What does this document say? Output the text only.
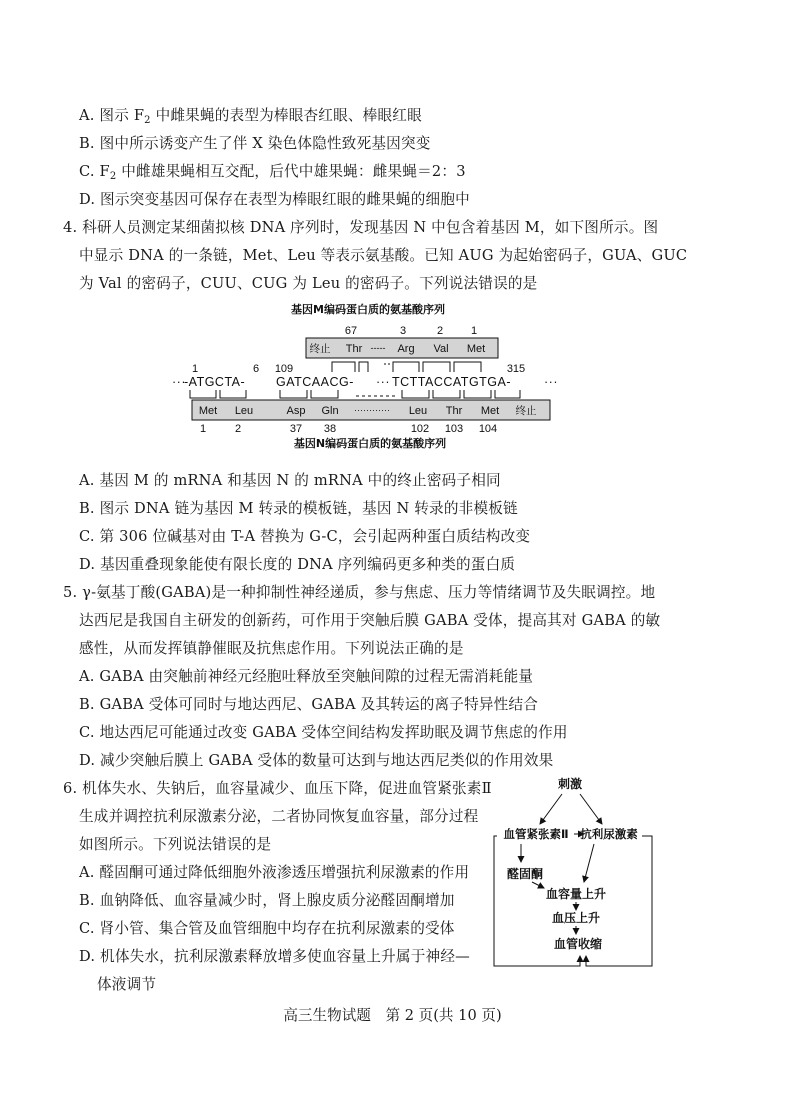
A. 图示 $F_2$ 中雌果蝇的表型为棒眼杏红眼、棒眼红眼
B. 图中所示诱变产生了伴 X 染色体隐性致死基因突变
C. $F_2$ 中雌雄果蝇相互交配，后代中雄果蝇：雌果蝇＝2：3
D. 图示突变基因可保存在表型为棒眼红眼的雌果蝇的细胞中
4. 科研人员测定某细菌拟核 DNA 序列时，发现基因 N 中包含着基因 M，如下图所示。图
中显示 DNA 的一条链，Met、Leu 等表示氨基酸。已知 AUG 为起始密码子，GUA、GUC
为 Val 的密码子，CUU、CUG 为 Leu 的密码子。下列说法错误的是
基因M编码蛋白质的氨基酸序列
67	3	2	1
终止 Thr ----- Arg Val Met
1	6 109	315
···
-ATGCTA- GATCAACG- ··· TCTTACCATGTGA-	···
Met Leu	Asp Gln ············ Leu Thr Met 终止
1	2	37 38	102 103 104
基因N编码蛋白质的氨基酸序列
A. 基因 M 的 mRNA 和基因 N 的 mRNA 中的终止密码子相同
B. 图示 DNA 链为基因 M 转录的模板链，基因 N 转录的非模板链
C. 第 306 位碱基对由 T-A 替换为 G-C，会引起两种蛋白质结构改变
D. 基因重叠现象能使有限长度的 DNA 序列编码更多种类的蛋白质
5. γ-氨基丁酸(GABA)是一种抑制性神经递质，参与焦虑、压力等情绪调节及失眠调控。地
达西尼是我国自主研发的创新药，可作用于突触后膜 GABA 受体，提高其对 GABA 的敏
感性，从而发挥镇静催眠及抗焦虑作用。下列说法正确的是
A. GABA 由突触前神经元经胞吐释放至突触间隙的过程无需消耗能量
B. GABA 受体可同时与地达西尼、GABA 及其转运的离子特异性结合
C. 地达西尼可能通过改变 GABA 受体空间结构发挥助眠及调节焦虑的作用
D. 减少突触后膜上 GABA 受体的数量可达到与地达西尼类似的作用效果
6. 机体失水、失钠后，血容量减少、血压下降，促进血管紧张素Ⅱ
生成并调控抗利尿激素分泌，二者协同恢复血容量，部分过程
如图所示。下列说法错误的是
A. 醛固酮可通过降低细胞外液渗透压增强抗利尿激素的作用
B. 血钠降低、血容量减少时，肾上腺皮质分泌醛固酮增加
C. 肾小管、集合管及血管细胞中均存在抗利尿激素的受体
D. 机体失水，抗利尿激素释放增多使血容量上升属于神经—
体液调节
刺激
血管紧张素Ⅱ 抗利尿激素
醛固酮
血容量上升
血压上升
血管收缩
高三生物试题　第 2 页(共 10 页)
